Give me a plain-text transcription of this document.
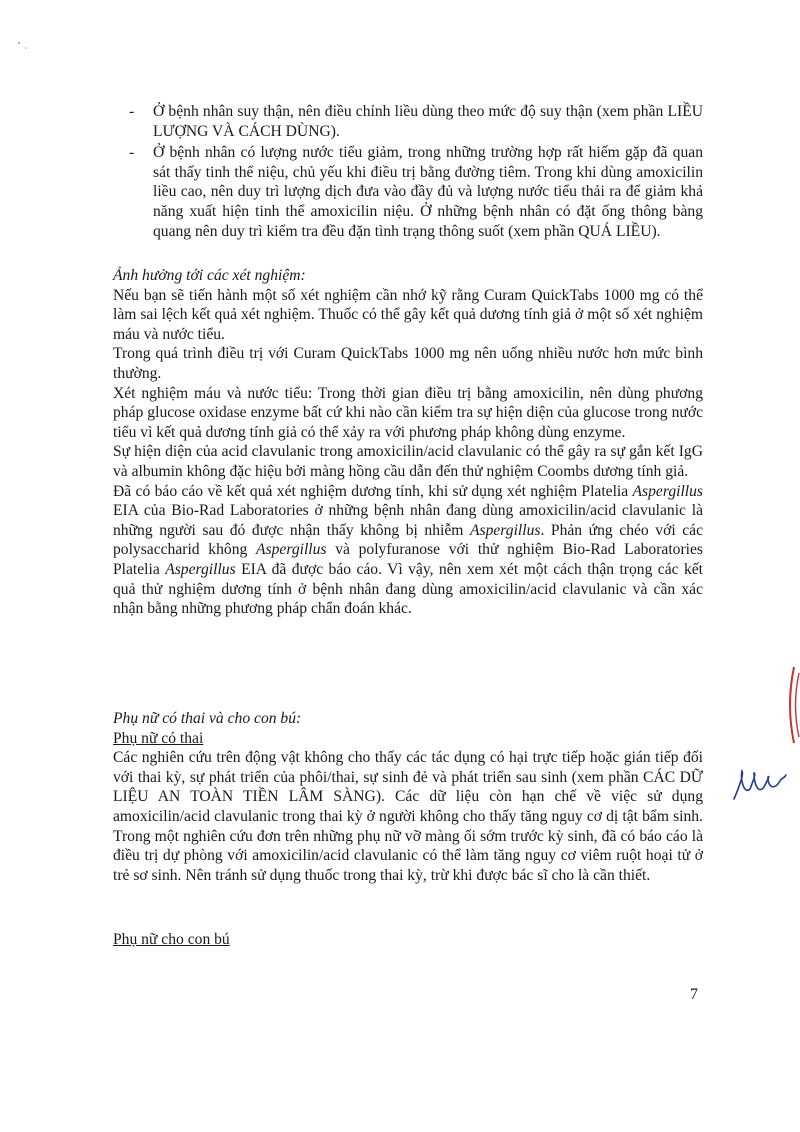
- Ở bệnh nhân suy thận, nên điều chỉnh liều dùng theo mức độ suy thận (xem phần LIỀU LƯỢNG VÀ CÁCH DÙNG).
- Ở bệnh nhân có lượng nước tiểu giảm, trong những trường hợp rất hiếm gặp đã quan sát thấy tinh thể niệu, chủ yếu khi điều trị bằng đường tiêm. Trong khi dùng amoxicilin liều cao, nên duy trì lượng dịch đưa vào đầy đủ và lượng nước tiểu thải ra để giảm khả năng xuất hiện tinh thể amoxicilin niệu. Ở những bệnh nhân có đặt ống thông bàng quang nên duy trì kiểm tra đều đặn tình trạng thông suốt (xem phần QUÁ LIỀU).

Ảnh hưởng tới các xét nghiệm:

Nếu bạn sẽ tiến hành một số xét nghiệm cần nhớ kỹ rằng Curam QuickTabs 1000 mg có thể làm sai lệch kết quả xét nghiệm. Thuốc có thể gây kết quả dương tính giả ở một số xét nghiệm máu và nước tiểu.

Trong quá trình điều trị với Curam QuickTabs 1000 mg nên uống nhiều nước hơn mức bình thường.

Xét nghiệm máu và nước tiểu: Trong thời gian điều trị bằng amoxicilin, nên dùng phương pháp glucose oxidase enzyme bất cứ khi nào cần kiểm tra sự hiện diện của glucose trong nước tiểu vì kết quả dương tính giả có thể xảy ra với phương pháp không dùng enzyme.

Sự hiện diện của acid clavulanic trong amoxicilin/acid clavulanic có thể gây ra sự gắn kết IgG và albumin không đặc hiệu bởi màng hồng cầu dẫn đến thử nghiệm Coombs dương tính giả.

Đã có báo cáo về kết quả xét nghiệm dương tính, khi sử dụng xét nghiệm Platelia Aspergillus EIA của Bio-Rad Laboratories ở những bệnh nhân đang dùng amoxicilin/acid clavulanic là những người sau đó được nhận thấy không bị nhiễm Aspergillus. Phản ứng chéo với các polysaccharid không Aspergillus và polyfuranose với thử nghiệm Bio-Rad Laboratories Platelia Aspergillus EIA đã được báo cáo. Vì vậy, nên xem xét một cách thận trọng các kết quả thử nghiệm dương tính ở bệnh nhân đang dùng amoxicilin/acid clavulanic và cần xác nhận bằng những phương pháp chẩn đoán khác.

Phụ nữ có thai và cho con bú:

Phụ nữ có thai

Các nghiên cứu trên động vật không cho thấy các tác dụng có hại trực tiếp hoặc gián tiếp đối với thai kỳ, sự phát triển của phôi/thai, sự sinh đẻ và phát triển sau sinh (xem phần CÁC DỮ LIỆU AN TOÀN TIỀN LÂM SÀNG). Các dữ liệu còn hạn chế về việc sử dụng amoxicilin/acid clavulanic trong thai kỳ ở người không cho thấy tăng nguy cơ dị tật bẩm sinh. Trong một nghiên cứu đơn trên những phụ nữ vỡ màng ối sớm trước kỳ sinh, đã có báo cáo là điều trị dự phòng với amoxicilin/acid clavulanic có thể làm tăng nguy cơ viêm ruột hoại tử ở trẻ sơ sinh. Nên tránh sử dụng thuốc trong thai kỳ, trừ khi được bác sĩ cho là cần thiết.

Phụ nữ cho con bú

7
